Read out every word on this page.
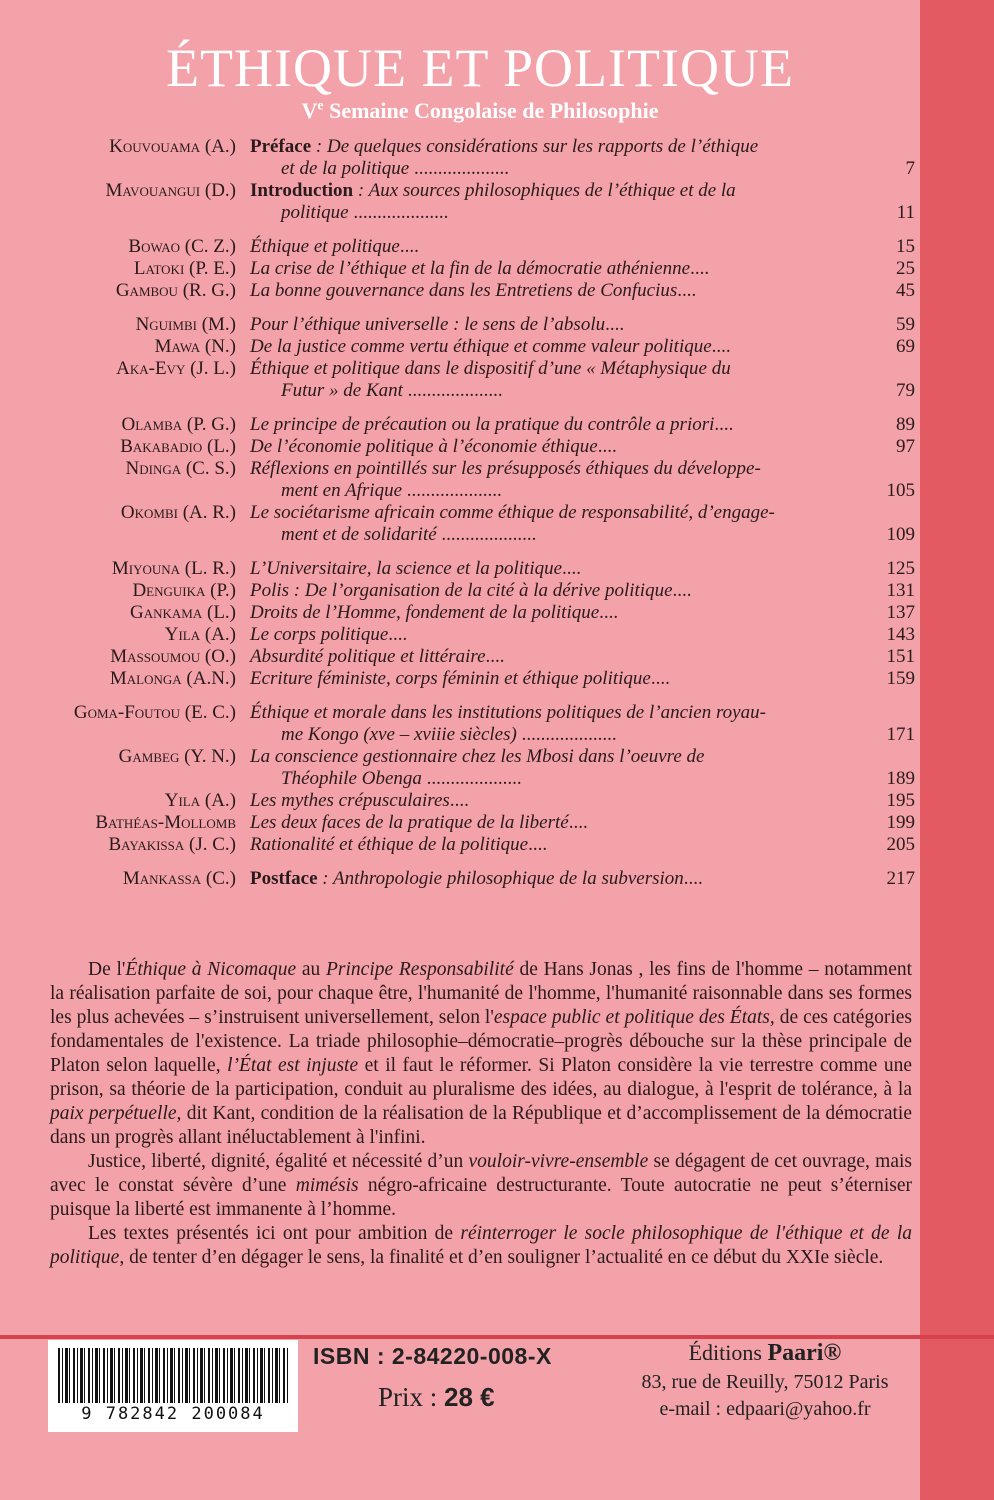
ÉTHIQUE ET POLITIQUE
Ve Semaine Congolaise de Philosophie
Kouvouama (A.) Préface : De quelques considérations sur les rapports de l’éthique
et de la politique ....................	7
Mavouangui (D.) Introduction : Aux sources philosophiques de l’éthique et de la
politique ....................	11
Bowao (C. Z.) Éthique et politique....	15
Latoki (P. E.) La crise de l’éthique et la fin de la démocratie athénienne....	25
Gambou (R. G.) La bonne gouvernance dans les Entretiens de Confucius....	45
Nguimbi (M.) Pour l’éthique universelle : le sens de l’absolu....	59
Mawa (N.) De la justice comme vertu éthique et comme valeur politique....	69
Aka-Evy (J. L.) Éthique et politique dans le dispositif d’une « Métaphysique du
Futur » de Kant ....................	79
Olamba (P. G.) Le principe de précaution ou la pratique du contrôle a priori....	89
Bakabadio (L.) De l’économie politique à l’économie éthique....	97
Ndinga (C. S.) Réflexions en pointillés sur les présupposés éthiques du développe-
ment en Afrique ....................	105
Okombi (A. R.) Le sociétarisme africain comme éthique de responsabilité, d’engage-
ment et de solidarité ....................	109
Miyouna (L. R.) L’Universitaire, la science et la politique....	125
Denguika (P.) Polis : De l’organisation de la cité à la dérive politique....	131
Gankama (L.) Droits de l’Homme, fondement de la politique....	137
Yila (A.) Le corps politique....	143
Massoumou (O.) Absurdité politique et littéraire....	151
Malonga (A.N.) Ecriture féministe, corps féminin et éthique politique....	159
Goma-Foutou (E. C.) Éthique et morale dans les institutions politiques de l’ancien royau-
me Kongo (xve – xviiie siècles) ....................	171
Gambeg (Y. N.) La conscience gestionnaire chez les Mbosi dans l’oeuvre de
Théophile Obenga ....................	189
Yila (A.) Les mythes crépusculaires....	195
Bathéas-Mollomb Les deux faces de la pratique de la liberté....	199
Bayakissa (J. C.) Rationalité et éthique de la politique....	205
Mankassa (C.) Postface : Anthropologie philosophique de la subversion....	217

De l'Éthique à Nicomaque au Principe Responsabilité de Hans Jonas , les fins de l'homme – notamment la réalisation parfaite de soi, pour chaque être, l'humanité de l'homme, l'humanité raisonnable dans ses formes les plus achevées – s’instruisent universellement, selon l'espace public et politique des États, de ces catégories fondamentales de l'existence. La triade philosophie–démocratie–progrès débouche sur la thèse principale de Platon selon laquelle, l’État est injuste et il faut le réformer. Si Platon considère la vie terrestre comme une prison, sa théorie de la participation, conduit au pluralisme des idées, au dialogue, à l'esprit de tolérance, à la paix perpétuelle, dit Kant, condition de la réalisation de la République et d’accomplissement de la démocratie dans un progrès allant inéluctablement à l'infini.

Justice, liberté, dignité, égalité et nécessité d’un vouloir-vivre-ensemble se dégagent de cet ouvrage, mais avec le constat sévère d’une mimésis négro-africaine destructurante. Toute autocratie ne peut s’éterniser puisque la liberté est immanente à l’homme.

Les textes présentés ici ont pour ambition de réinterroger le socle philosophique de l'éthique et de la politique, de tenter d’en dégager le sens, la finalité et d’en souligner l’actualité en ce début du XXIe siècle.

9 782842 200084
ISBN : 2-84220-008-X
Prix : 28 €
Éditions Paari®
83, rue de Reuilly, 75012 Paris
e-mail : edpaari@yahoo.fr
